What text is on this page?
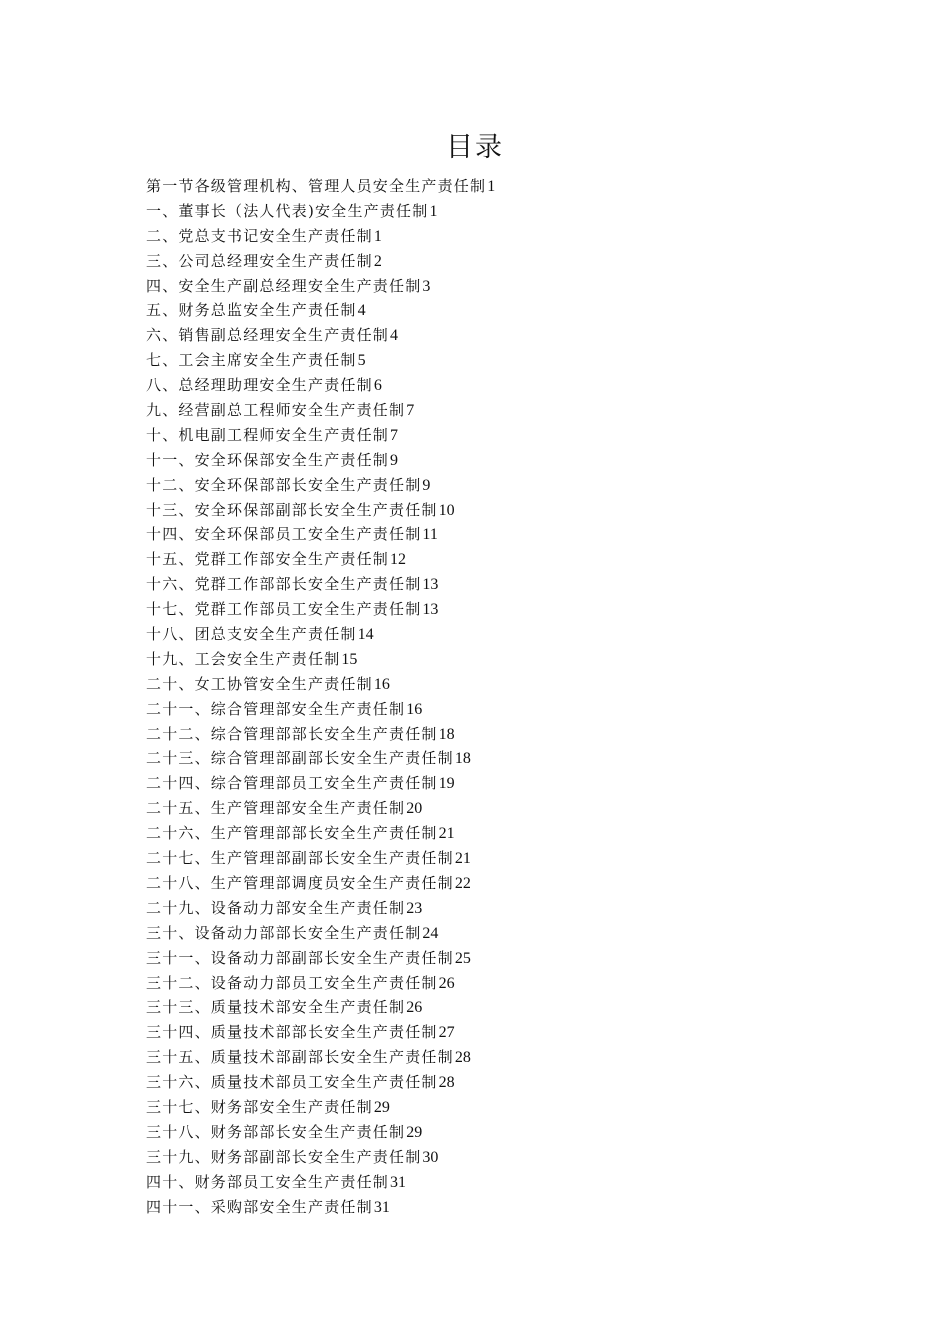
目录
第一节各级管理机构、管理人员安全生产责任制1
一、董事长（法人代表)安全生产责任制1
二、党总支书记安全生产责任制1
三、公司总经理安全生产责任制2
四、安全生产副总经理安全生产责任制3
五、财务总监安全生产责任制4
六、销售副总经理安全生产责任制4
七、工会主席安全生产责任制5
八、总经理助理安全生产责任制6
九、经营副总工程师安全生产责任制7
十、机电副工程师安全生产责任制7
十一、安全环保部安全生产责任制9
十二、安全环保部部长安全生产责任制9
十三、安全环保部副部长安全生产责任制10
十四、安全环保部员工安全生产责任制11
十五、党群工作部安全生产责任制12
十六、党群工作部部长安全生产责任制13
十七、党群工作部员工安全生产责任制13
十八、团总支安全生产责任制14
十九、工会安全生产责任制15
二十、女工协管安全生产责任制16
二十一、综合管理部安全生产责任制16
二十二、综合管理部部长安全生产责任制18
二十三、综合管理部副部长安全生产责任制18
二十四、综合管理部员工安全生产责任制19
二十五、生产管理部安全生产责任制20
二十六、生产管理部部长安全生产责任制21
二十七、生产管理部副部长安全生产责任制21
二十八、生产管理部调度员安全生产责任制22
二十九、设备动力部安全生产责任制23
三十、设备动力部部长安全生产责任制24
三十一、设备动力部副部长安全生产责任制25
三十二、设备动力部员工安全生产责任制26
三十三、质量技术部安全生产责任制26
三十四、质量技术部部长安全生产责任制27
三十五、质量技术部副部长安全生产责任制28
三十六、质量技术部员工安全生产责任制28
三十七、财务部安全生产责任制29
三十八、财务部部长安全生产责任制29
三十九、财务部副部长安全生产责任制30
四十、财务部员工安全生产责任制31
四十一、采购部安全生产责任制31
